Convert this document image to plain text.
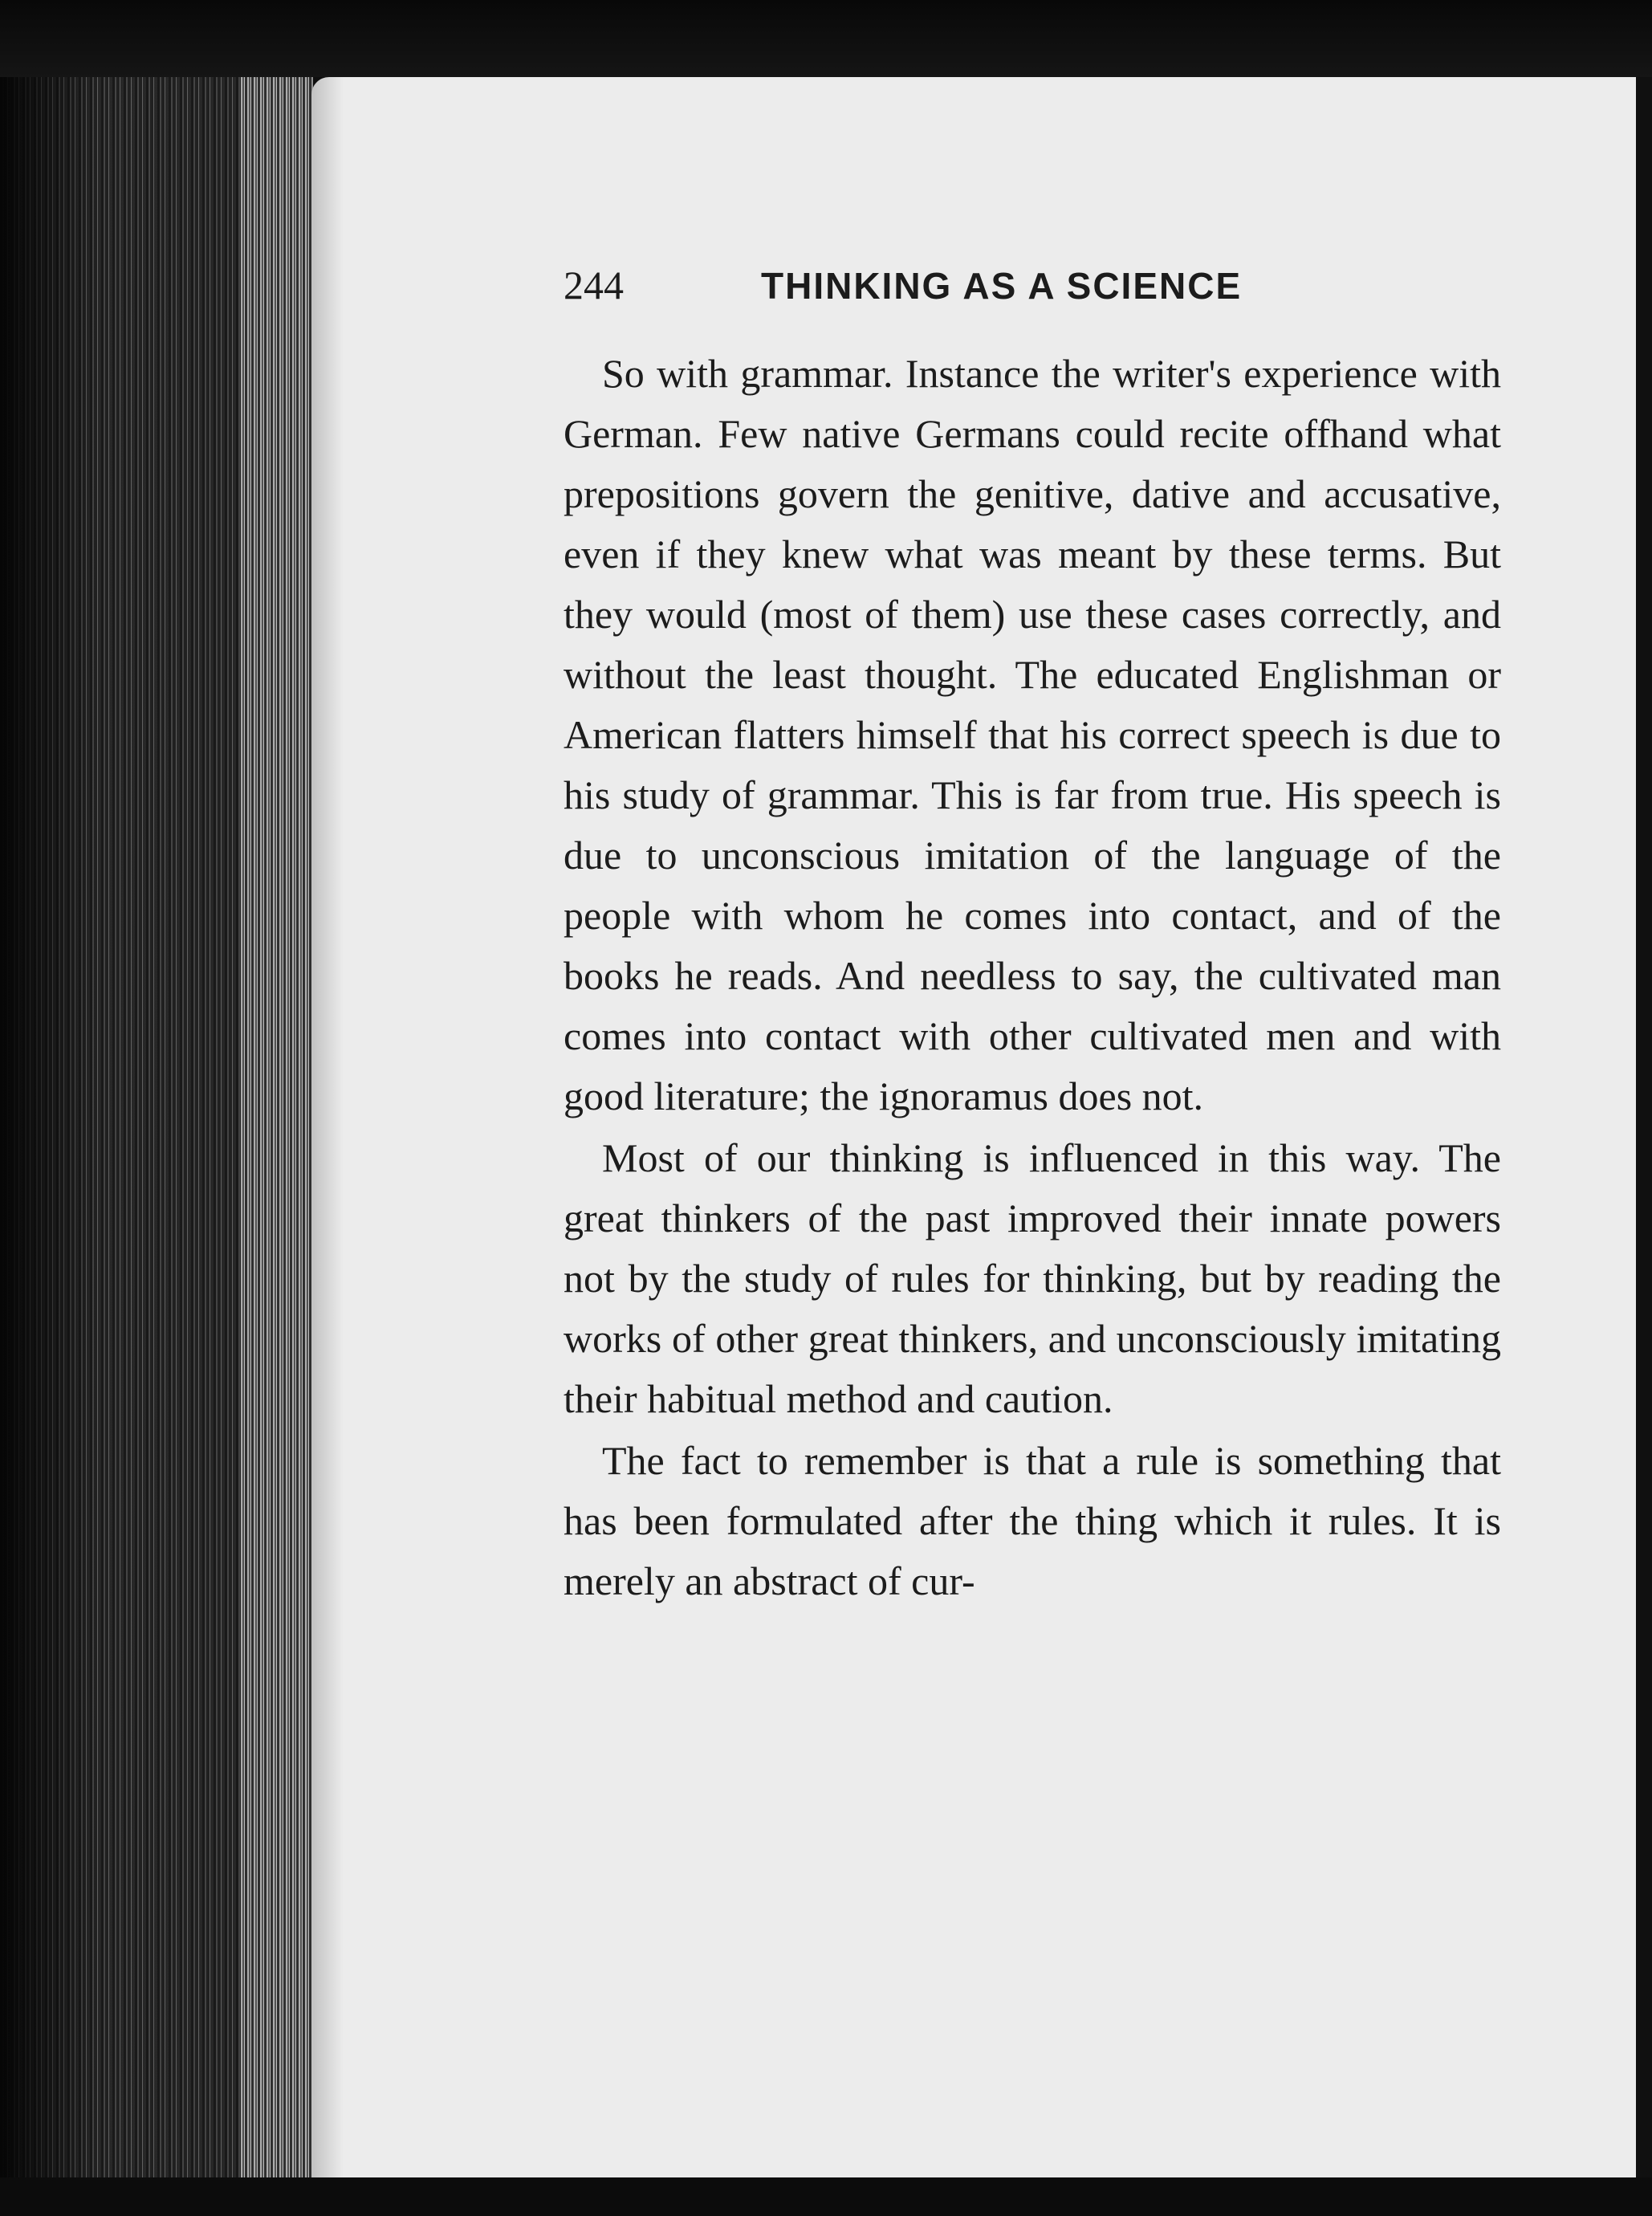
244	THINKING AS A SCIENCE

So with grammar. Instance the writer's experience with German. Few native Germans could recite offhand what prepositions govern the genitive, dative and accusative, even if they knew what was meant by these terms. But they would (most of them) use these cases correctly, and without the least thought. The educated Englishman or American flatters himself that his correct speech is due to his study of grammar. This is far from true. His speech is due to unconscious imitation of the language of the people with whom he comes into contact, and of the books he reads. And needless to say, the cultivated man comes into contact with other cultivated men and with good literature; the ignoramus does not.

Most of our thinking is influenced in this way. The great thinkers of the past improved their innate powers not by the study of rules for thinking, but by reading the works of other great thinkers, and unconsciously imitating their habitual method and caution.

The fact to remember is that a rule is something that has been formulated after the thing which it rules. It is merely an abstract of cur-
